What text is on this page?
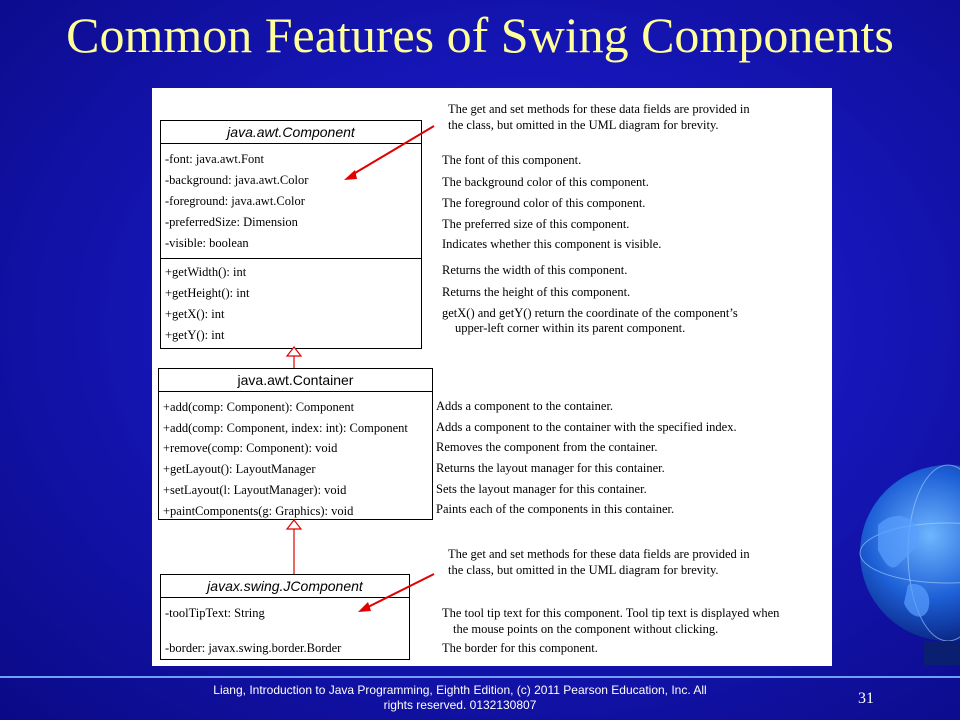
Common Features of Swing Components
The get and set methods for these data fields are provided in
the class, but omitted in the UML diagram for brevity.
java.awt.Component
-font: java.awt.Font
-background: java.awt.Color
-foreground: java.awt.Color
-preferredSize: Dimension
-visible: boolean
+getWidth(): int
+getHeight(): int
+getX(): int
+getY(): int
The font of this component.
The background color of this component.
The foreground color of this component.
The preferred size of this component.
Indicates whether this component is visible.
Returns the width of this component.
Returns the height of this component.
getX() and getY() return the coordinate of the component’s
upper-left corner within its parent component.
java.awt.Container
+add(comp: Component): Component
+add(comp: Component, index: int): Component
+remove(comp: Component): void
+getLayout(): LayoutManager
+setLayout(l: LayoutManager): void
+paintComponents(g: Graphics): void
Adds a component to the container.
Adds a component to the container with the specified index.
Removes the component from the container.
Returns the layout manager for this container.
Sets the layout manager for this container.
Paints each of the components in this container.
The get and set methods for these data fields are provided in
the class, but omitted in the UML diagram for brevity.
javax.swing.JComponent
-toolTipText: String
-border: javax.swing.border.Border
The tool tip text for this component. Tool tip text is displayed when
the mouse points on the component without clicking.
The border for this component.
Liang, Introduction to Java Programming, Eighth Edition, (c) 2011 Pearson Education, Inc. All
rights reserved. 0132130807	31
